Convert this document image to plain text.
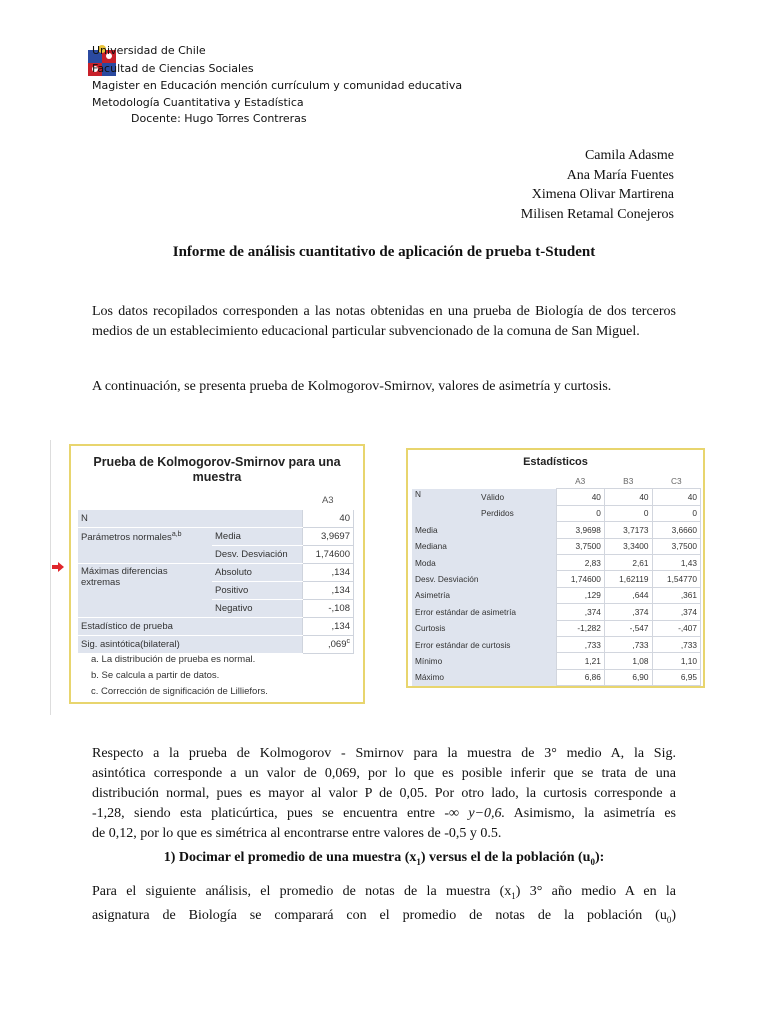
Universidad de Chile
Facultad de Ciencias Sociales
Magister en Educación mención currículum y comunidad educativa
Metodología Cuantitativa y Estadística
Docente: Hugo Torres Contreras
Camila Adasme
Ana María Fuentes
Ximena Olivar Martirena
Milisen Retamal Conejeros
Informe de análisis cuantitativo de aplicación de prueba t-Student
Los datos recopilados corresponden a las notas obtenidas en una prueba de Biología de dos terceros medios de un establecimiento educacional particular subvencionado de la comuna de San Miguel.
A continuación, se presenta prueba de Kolmogorov-Smirnov, valores de asimetría y curtosis.
Prueba de Kolmogorov-Smirnov para una
muestra
		A3
N		40
Parámetros normales$^{a,b}$	Media	3,9697
	Desv. Desviación	1,74600

Máximas diferencias
extremas	Absoluto	,134
	Positivo	,134
	Negativo	-,108
Estadístico de prueba		,134
Sig. asintótica(bilateral)		,069$^c$
a. La distribución de prueba es normal.
b. Se calcula a partir de datos.
c. Corrección de significación de Lilliefors.
Estadísticos
		A3	B3	C3
N	Válido	40	40	40
	Perdidos	0	0	0
Media		3,9698	3,7173	3,6660
Mediana		3,7500	3,3400	3,7500
Moda		2,83	2,61	1,43
Desv. Desviación		1,74600	1,62119	1,54770
Asimetría		,129	,644	,361
Error estándar de asimetría		,374	,374	,374
Curtosis		-1,282	-,547	-,407
Error estándar de curtosis		,733	,733	,733
Mínimo		1,21	1,08	1,10
Máximo		6,86	6,90	6,95
Respecto a la prueba de Kolmogorov - Smirnov para la muestra de 3° medio A, la Sig.
asintótica corresponde a un valor de 0,069, por lo que es posible inferir que se trata de una
distribución normal, pues es mayor al valor P de 0,05. Por otro lado, la curtosis corresponde a
-1,28, siendo esta platicúrtica, pues se encuentra entre -∞ y−0,6. Asimismo, la asimetría es
de 0,12, por lo que es simétrica al encontrarse entre valores de -0,5 y 0.5.
1) Docimar el promedio de una muestra $(x_1)$ versus el de la población $(u_0)$:
Para el siguiente análisis, el promedio de notas de la muestra $(x_1)$ 3° año medio A en la
asignatura de Biología se comparará con el promedio de notas de la población $(u_0)$
